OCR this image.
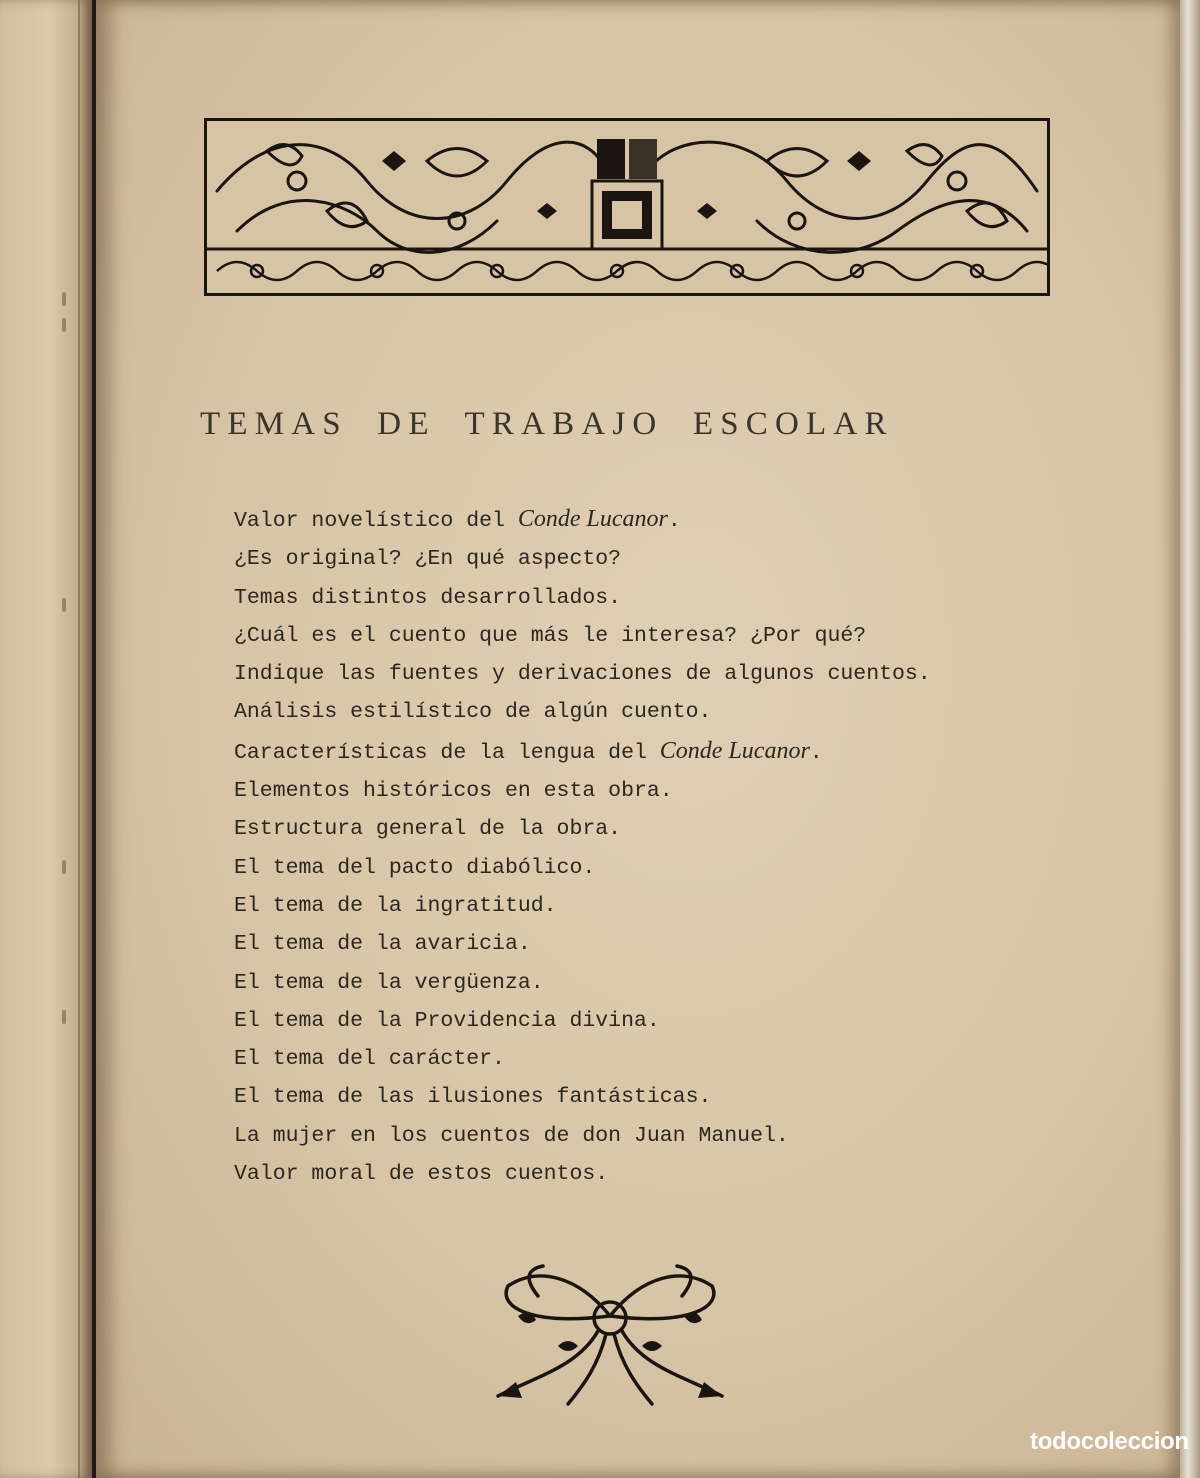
TEMAS DE TRABAJO ESCOLAR
Valor novelístico del Conde Lucanor.
¿Es original? ¿En qué aspecto?
Temas distintos desarrollados.
¿Cuál es el cuento que más le interesa? ¿Por qué?
Indique las fuentes y derivaciones de algunos cuentos.
Análisis estilístico de algún cuento.
Características de la lengua del Conde Lucanor.
Elementos históricos en esta obra.
Estructura general de la obra.
El tema del pacto diabólico.
El tema de la ingratitud.
El tema de la avaricia.
El tema de la vergüenza.
El tema de la Providencia divina.
El tema del carácter.
El tema de las ilusiones fantásticas.
La mujer en los cuentos de don Juan Manuel.
Valor moral de estos cuentos.
todocoleccion
